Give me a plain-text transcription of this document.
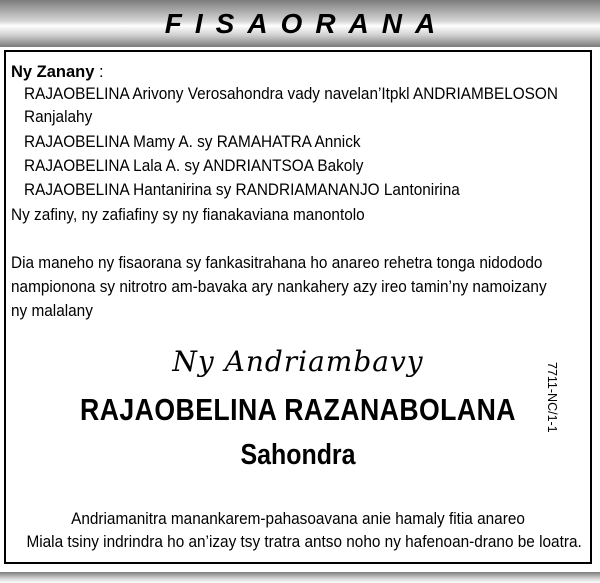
FISAORANA
Ny Zanany :
RAJAOBELINA Arivony Verosahondra vady navelan’Itpkl ANDRIAMBELOSON
Ranjalahy
RAJAOBELINA Mamy A. sy RAMAHATRA Annick
RAJAOBELINA Lala A. sy ANDRIANTSOA Bakoly
RAJAOBELINA Hantanirina sy RANDRIAMANANJO Lantonirina
Ny zafiny, ny zafiafiny sy ny fianakaviana manontolo
Dia maneho ny fisaorana sy fankasitrahana ho anareo rehetra tonga nidododo
nampionona sy nitrotro am-bavaka ary nankahery azy ireo tamin’ny namoizany
ny malalany
Ny Andriambavy
RAJAOBELINA RAZANABOLANA
Sahondra
7711-NC/1-1
Andriamanitra manankarem-pahasoavana anie hamaly fitia anareo
Miala tsiny indrindra ho an’izay tsy tratra antso noho ny hafenoan-drano be loatra.
